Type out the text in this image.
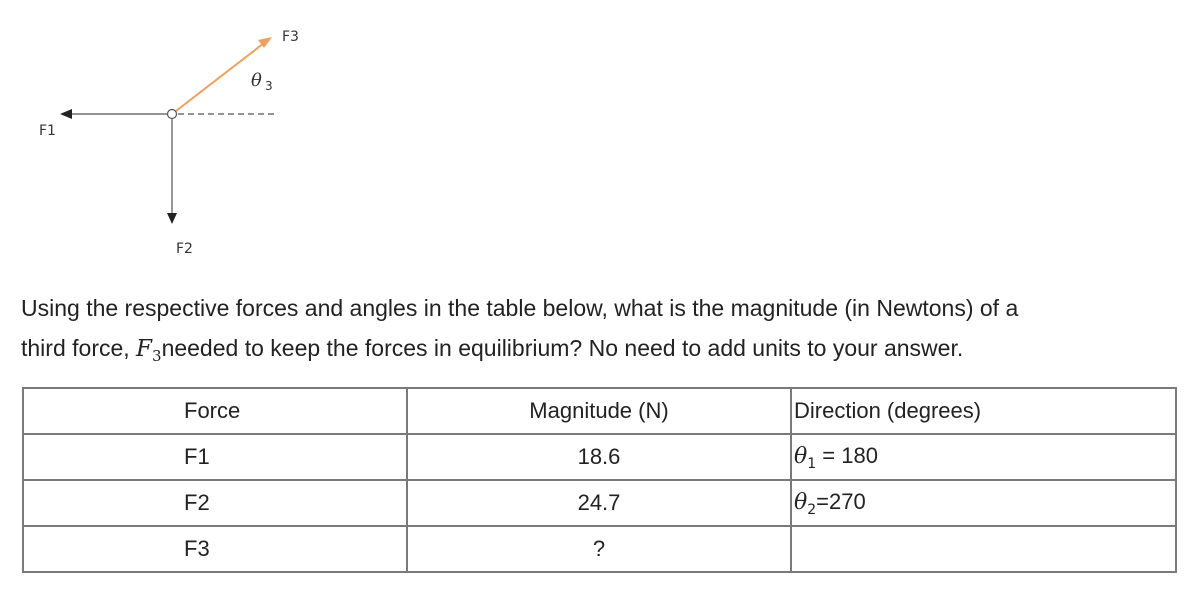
F1
F2
F3
θ 3
Using the respective forces and angles in the table below, what is the magnitude (in Newtons) of a
third force, $F_3needed$ to keep the forces in equilibrium? No need to add units to your answer.
Force	Magnitude (N)	Direction (degrees)
F1	18.6	$\theta_1 = 180$
F2	24.7	$\theta_2=270$
F3	?	
